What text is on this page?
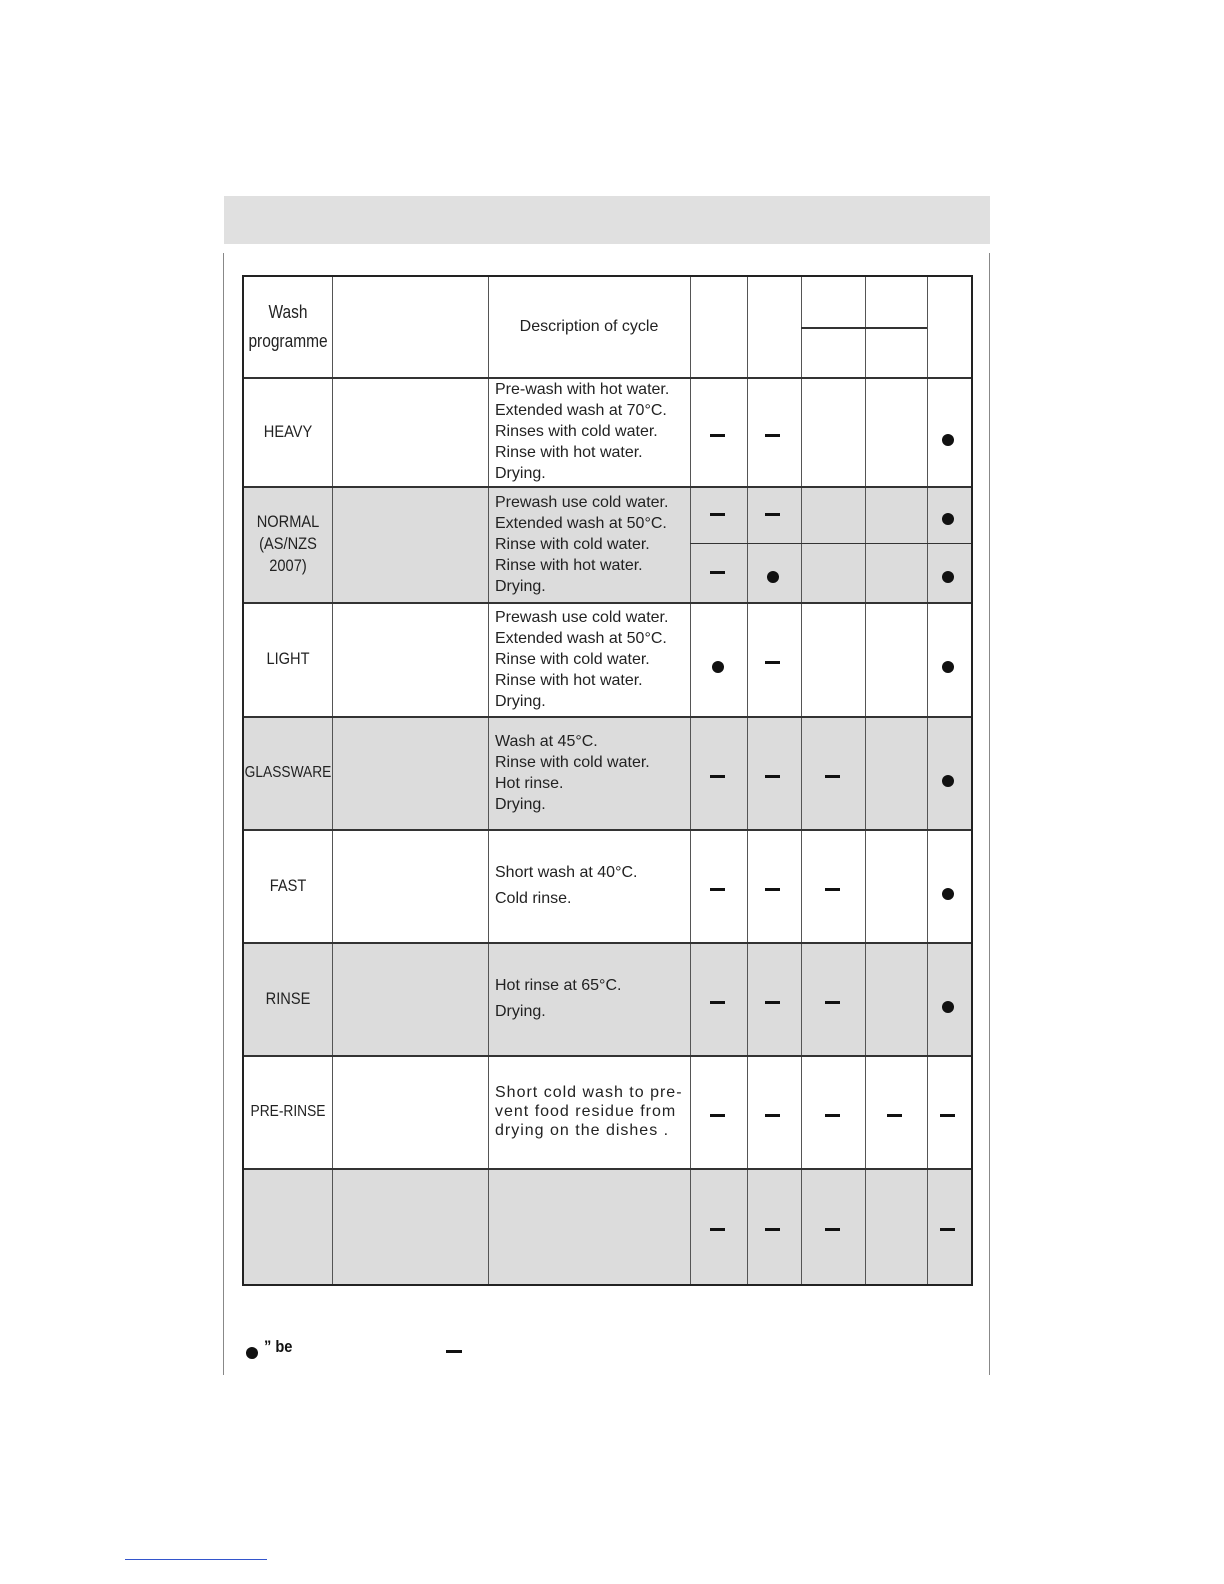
Wash
programme
Description of cycle
HEAVY
Pre-wash with hot water.
Extended wash at 70°C.
Rinses with cold water.
Rinse with hot water.
Drying.
NORMAL
(AS/NZS
2007)
Prewash use cold water.
Extended wash at 50°C.
Rinse with cold water.
Rinse with hot water.
Drying.
LIGHT
Prewash use cold water.
Extended wash at 50°C.
Rinse with cold water.
Rinse with hot water.
Drying.
GLASSWARE
Wash at 45°C.
Rinse with cold water.
Hot rinse.
Drying.
FAST
Short wash at 40°C.
Cold rinse.
RINSE
Hot rinse at 65°C.
Drying.
PRE-RINSE
Short cold wash to pre-
vent food residue from
drying on the dishes .
” be
